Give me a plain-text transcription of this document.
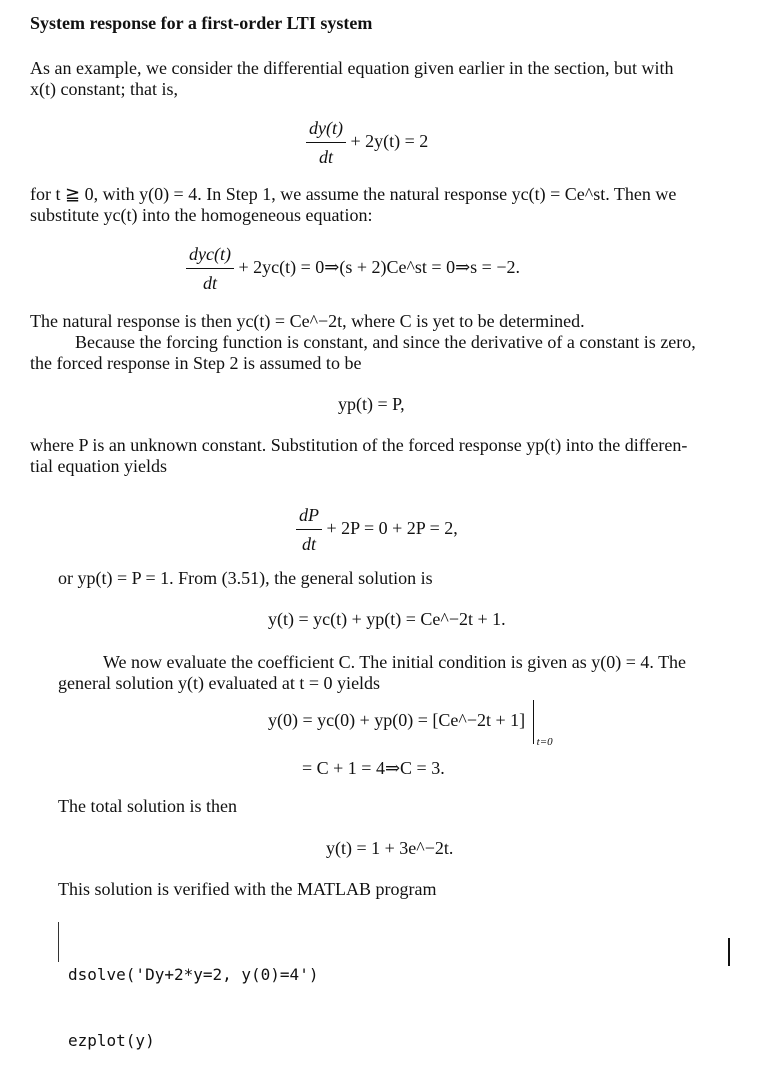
System response for a first-order LTI system
As an example, we consider the differential equation given earlier in the section, but with
x(t) constant; that is,
$\frac{dy(t)}{dt} + 2y(t) = 2$
for t ≧ 0, with y(0) = 4. In Step 1, we assume the natural response yc(t) = Ce^st. Then we
substitute yc(t) into the homogeneous equation:
$\frac{\text{dyc(t)}}{dt} + 2yc(t)$ = 0⇒(s + 2)Ce^st = 0⇒s = −2.
The natural response is then yc(t) = Ce^−2t, where C is yet to be determined.
Because the forcing function is constant, and since the derivative of a constant is zero,
the forced response in Step 2 is assumed to be
yp(t) = P,
where P is an unknown constant. Substitution of the forced response yp(t) into the differen-
tial equation yields
$\frac{dP}{dt} + 2P = 0 + 2P = 2$,
or yp(t) = P = 1. From (3.51), the general solution is
y(t) = yc(t) + yp(t) = Ce^−2t + 1.
We now evaluate the coefficient C. The initial condition is given as y(0) = 4. The
general solution y(t) evaluated at t = 0 yields
y(0) = yc(0) + yp(0) = [Ce^−2t + 1]
t=0
= C + 1 = 4⇒C = 3.
The total solution is then
y(t) = 1 + 3e^−2t.
This solution is verified with the MATLAB program

dsolve('Dy+2*y=2, y(0)=4')

ezplot(y)
